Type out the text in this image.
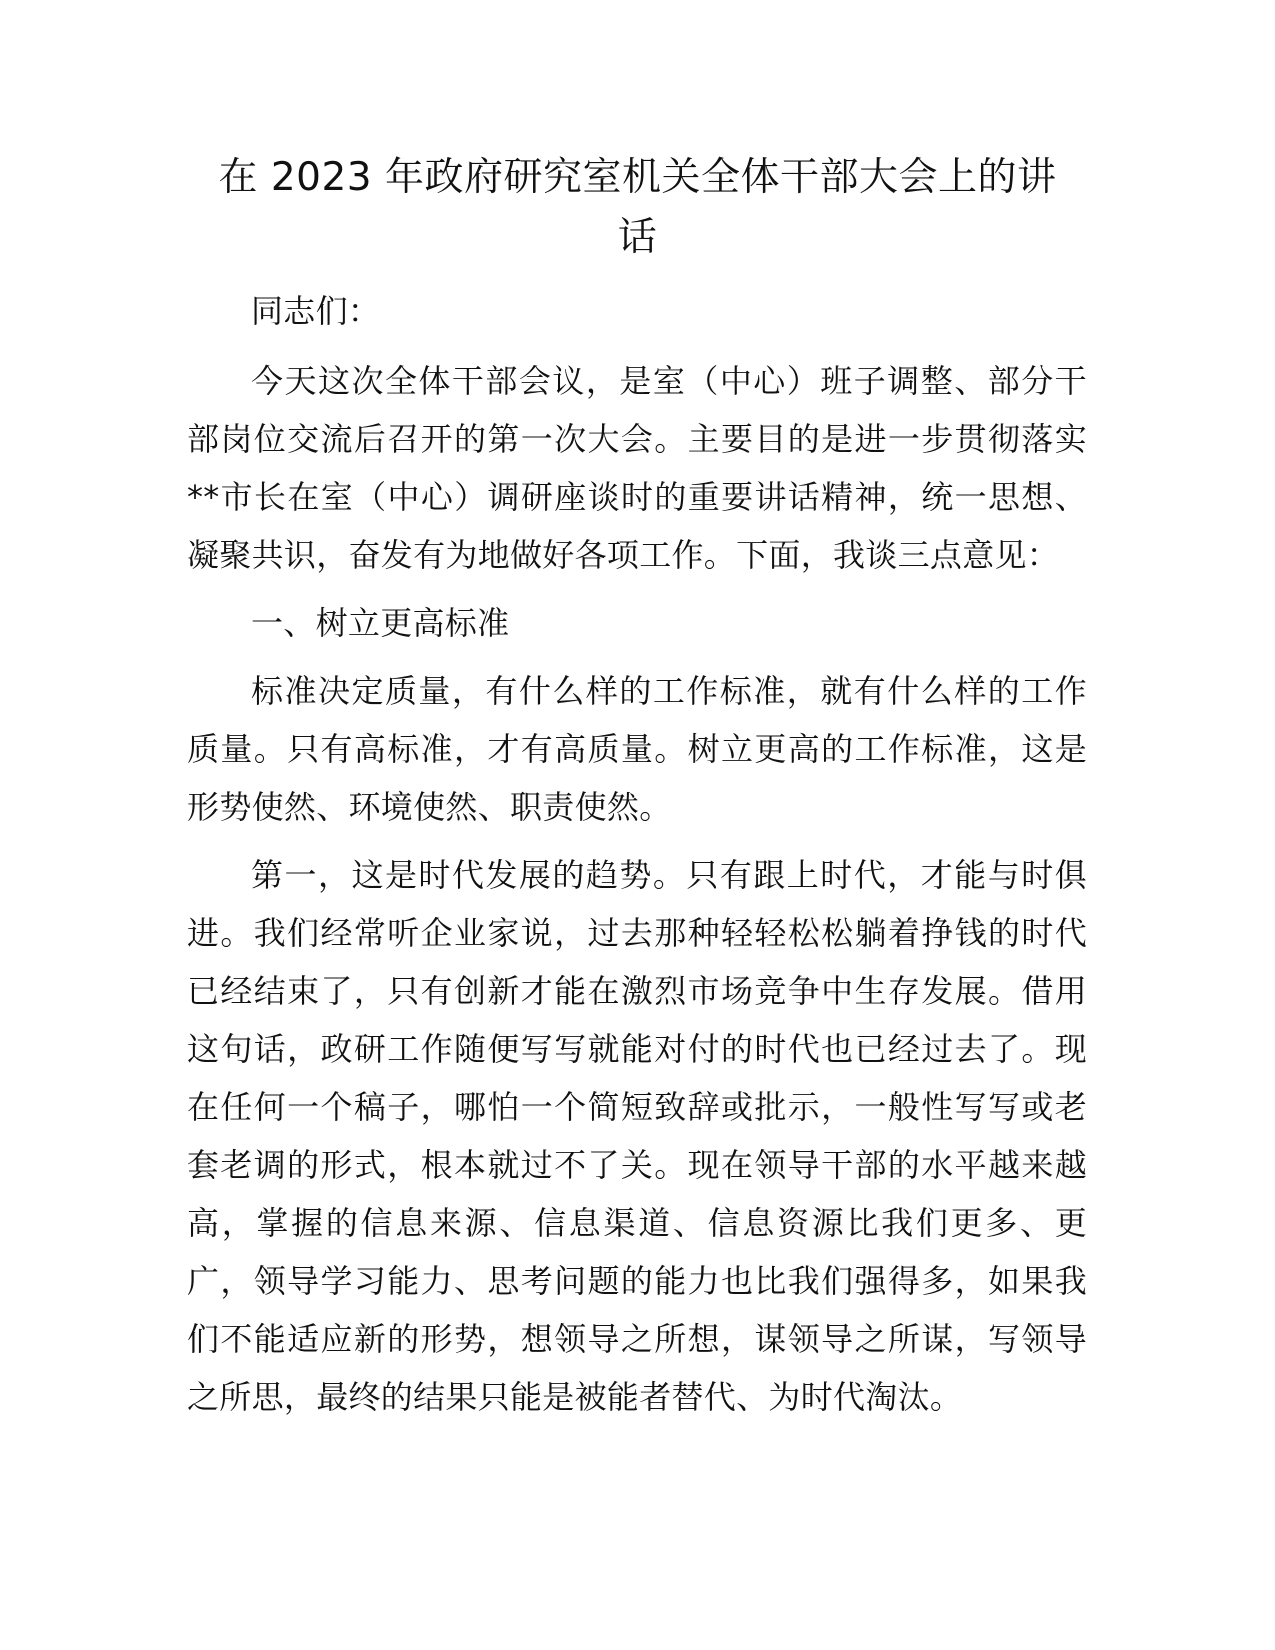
在 2023 年政府研究室机关全体干部大会上的讲
话

同志们：

今天这次全体干部会议，是室（中心）班子调整、部分干部岗位交流后召开的第一次大会。主要目的是进一步贯彻落实**市长在室（中心）调研座谈时的重要讲话精神，统一思想、凝聚共识，奋发有为地做好各项工作。下面，我谈三点意见：

一、树立更高标准

标准决定质量，有什么样的工作标准，就有什么样的工作质量。只有高标准，才有高质量。树立更高的工作标准，这是形势使然、环境使然、职责使然。

第一，这是时代发展的趋势。只有跟上时代，才能与时俱进。我们经常听企业家说，过去那种轻轻松松躺着挣钱的时代已经结束了，只有创新才能在激烈市场竞争中生存发展。借用这句话，政研工作随便写写就能对付的时代也已经过去了。现在任何一个稿子，哪怕一个简短致辞或批示，一般性写写或老套老调的形式，根本就过不了关。现在领导干部的水平越来越高，掌握的信息来源、信息渠道、信息资源比我们更多、更广，领导学习能力、思考问题的能力也比我们强得多，如果我们不能适应新的形势，想领导之所想，谋领导之所谋，写领导之所思，最终的结果只能是被能者替代、为时代淘汰。
